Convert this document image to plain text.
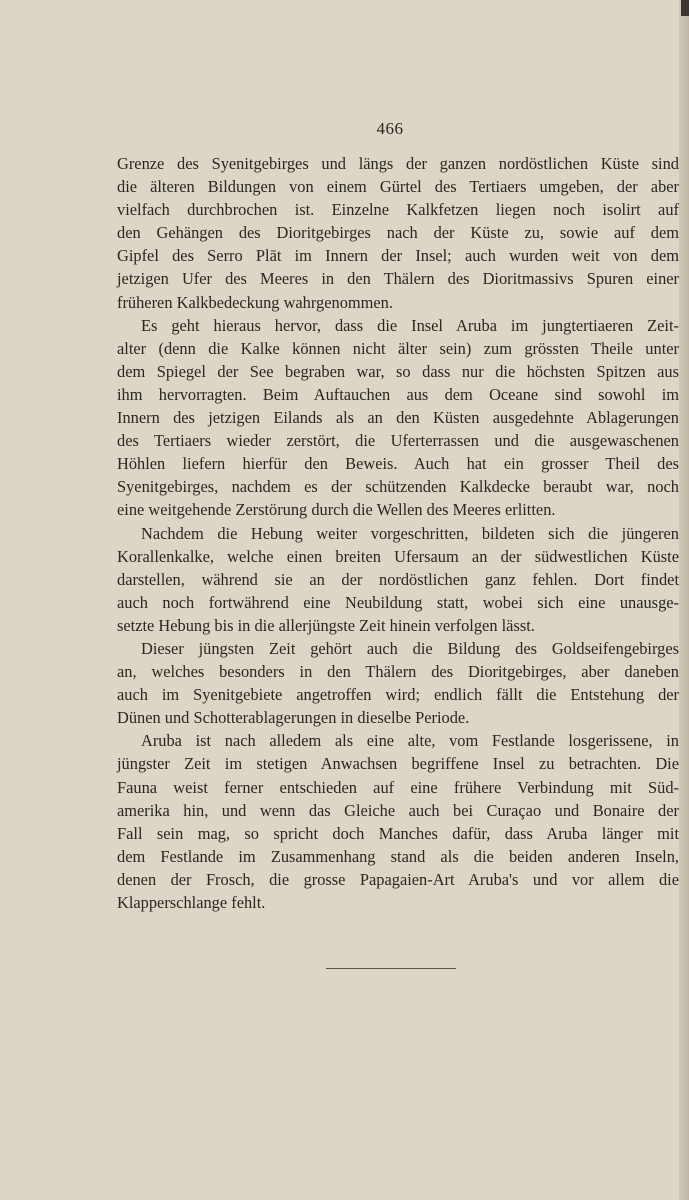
466
Grenze des Syenitgebirges und längs der ganzen nordöstlichen Küste sind
die älteren Bildungen von einem Gürtel des Tertiaers umgeben, der aber
vielfach durchbrochen ist. Einzelne Kalkfetzen liegen noch isolirt auf
den Gehängen des Dioritgebirges nach der Küste zu, sowie auf dem
Gipfel des Serro Plāt im Innern der Insel; auch wurden weit von dem
jetzigen Ufer des Meeres in den Thälern des Dioritmassivs Spuren einer
früheren Kalkbedeckung wahrgenommen.
Es geht hieraus hervor, dass die Insel Aruba im jungtertiaeren Zeit-
alter (denn die Kalke können nicht älter sein) zum grössten Theile unter
dem Spiegel der See begraben war, so dass nur die höchsten Spitzen aus
ihm hervorragten. Beim Auftauchen aus dem Oceane sind sowohl im
Innern des jetzigen Eilands als an den Küsten ausgedehnte Ablagerungen
des Tertiaers wieder zerstört, die Uferterrassen und die ausgewaschenen
Höhlen liefern hierfür den Beweis. Auch hat ein grosser Theil des
Syenitgebirges, nachdem es der schützenden Kalkdecke beraubt war, noch
eine weitgehende Zerstörung durch die Wellen des Meeres erlitten.
Nachdem die Hebung weiter vorgeschritten, bildeten sich die jüngeren
Korallenkalke, welche einen breiten Ufersaum an der südwestlichen Küste
darstellen, während sie an der nordöstlichen ganz fehlen. Dort findet
auch noch fortwährend eine Neubildung statt, wobei sich eine unausge-
setzte Hebung bis in die allerjüngste Zeit hinein verfolgen lässt.
Dieser jüngsten Zeit gehört auch die Bildung des Goldseifengebirges
an, welches besonders in den Thälern des Dioritgebirges, aber daneben
auch im Syenitgebiete angetroffen wird; endlich fällt die Entstehung der
Dünen und Schotterablagerungen in dieselbe Periode.
Aruba ist nach alledem als eine alte, vom Festlande losgerissene, in
jüngster Zeit im stetigen Anwachsen begriffene Insel zu betrachten. Die
Fauna weist ferner entschieden auf eine frühere Verbindung mit Süd-
amerika hin, und wenn das Gleiche auch bei Curaçao und Bonaire der
Fall sein mag, so spricht doch Manches dafür, dass Aruba länger mit
dem Festlande im Zusammenhang stand als die beiden anderen Inseln,
denen der Frosch, die grosse Papagaien-Art Aruba's und vor allem die
Klapperschlange fehlt.
